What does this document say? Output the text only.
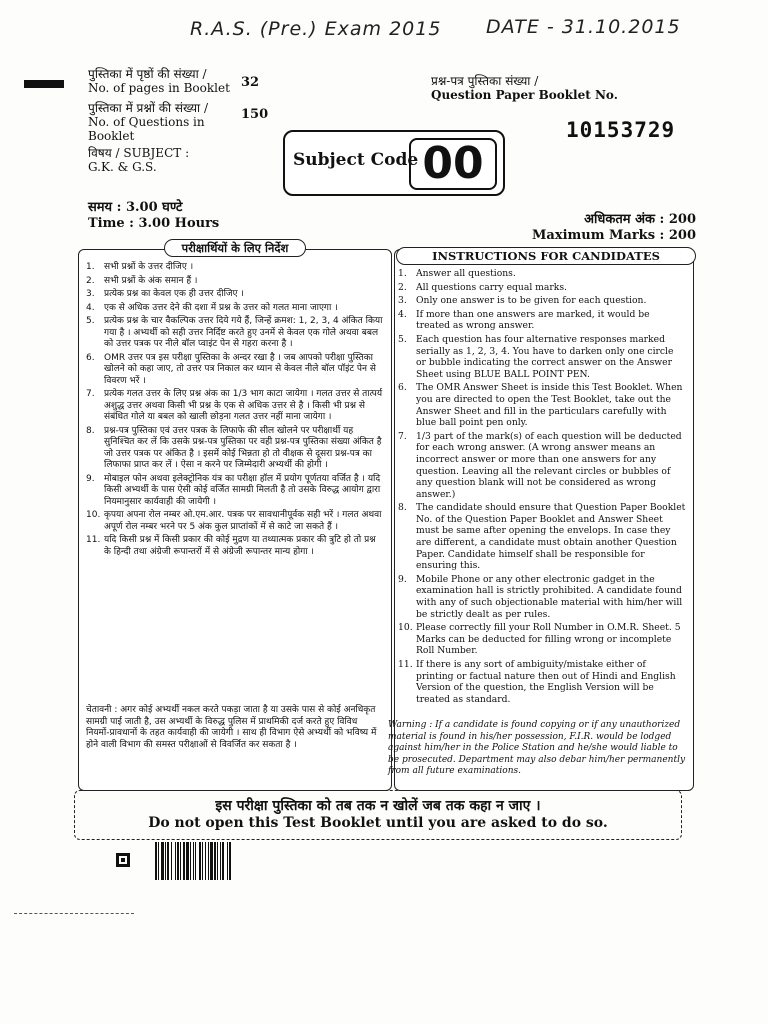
R.A.S. (Pre.) Exam 2015 DATE - 31.10.2015
पुस्तिका में पृष्ठों की संख्या /
No. of pages in Booklet 32
पुस्तिका में प्रश्नों की संख्या /
No. of Questions in Booklet
150
विषय / SUBJECT :
G.K. & G.S.
प्रश्न-पत्र पुस्तिका संख्या /
Question Paper Booklet No.
10153729
Subject Code 00
समय : 3.00 घण्टे
Time : 3.00 Hours	अधिकतम अंक : 200
Maximum Marks : 200
परीक्षार्थियों के लिए निर्देश
1. सभी प्रश्नों के उत्तर दीजिए ।
2. सभी प्रश्नों के अंक समान हैं ।
3. प्रत्येक प्रश्न का केवल एक ही उत्तर दीजिए ।
4. एक से अधिक उत्तर देने की दशा में प्रश्न के उत्तर को गलत माना जाएगा ।
5. प्रत्येक प्रश्न के चार वैकल्पिक उत्तर दिये गये हैं, जिन्हें क्रमश: 1, 2, 3, 4 अंकित किया गया है । अभ्यर्थी को सही उत्तर निर्दिष्ट करते हुए उनमें से केवल एक गोले अथवा बबल को उत्तर पत्रक पर नीले बॉल प्वाइंट पेन से गहरा करना है ।
6. OMR उत्तर पत्र इस परीक्षा पुस्तिका के अन्दर रखा है । जब आपको परीक्षा पुस्तिका खोलने को कहा जाए, तो उत्तर पत्र निकाल कर ध्यान से केवल नीले बॉल पॉइंट पेन से विवरण भरें ।
7. प्रत्येक गलत उत्तर के लिए प्रश्न अंक का 1/3 भाग काटा जायेगा । गलत उत्तर से तात्पर्य अशुद्ध उत्तर अथवा किसी भी प्रश्न के एक से अधिक उत्तर से है । किसी भी प्रश्न से संबंधित गोले या बबल को खाली छोड़ना गलत उत्तर नहीं माना जायेगा ।
8. प्रश्न-पत्र पुस्तिका एवं उत्तर पत्रक के लिफाफे की सील खोलने पर परीक्षार्थी यह सुनिश्चित कर लें कि उसके प्रश्न-पत्र पुस्तिका पर वही प्रश्न-पत्र पुस्तिका संख्या अंकित है जो उत्तर पत्रक पर अंकित है । इसमें कोई भिन्नता हो तो वीक्षक से दूसरा प्रश्न-पत्र का लिफाफा प्राप्त कर लें । ऐसा न करने पर जिम्मेदारी अभ्यर्थी की होगी ।
9. मोबाइल फोन अथवा इलेक्ट्रोनिक यंत्र का परीक्षा हॉल में प्रयोग पूर्णतया वर्जित है । यदि किसी अभ्यर्थी के पास ऐसी कोई वर्जित सामग्री मिलती है तो उसके विरुद्ध आयोग द्वारा नियमानुसार कार्यवाही की जायेगी ।
10. कृपया अपना रोल नम्बर ओ.एम.आर. पत्रक पर सावधानीपूर्वक सही भरें । गलत अथवा अपूर्ण रोल नम्बर भरने पर 5 अंक कुल प्राप्तांकों में से काटे जा सकते हैं ।
11. यदि किसी प्रश्न में किसी प्रकार की कोई मुद्रण या तथ्यात्मक प्रकार की त्रुटि हो तो प्रश्न के हिन्दी तथा अंग्रेजी रूपान्तरों में से अंग्रेजी रूपान्तर मान्य होगा ।
चेतावनी : अगर कोई अभ्यर्थी नकल करते पकड़ा जाता है या उसके पास से कोई अनधिकृत सामग्री पाई जाती है, उस अभ्यर्थी के विरुद्ध पुलिस में प्राथमिकी दर्ज करते हुए विविध नियमों-प्रावधानों के तहत कार्यवाही की जायेगी । साथ ही विभाग ऐसे अभ्यर्थी को भविष्य में होने वाली विभाग की समस्त परीक्षाओं से विवर्जित कर सकता है ।
INSTRUCTIONS FOR CANDIDATES
1. Answer all questions.
2. All questions carry equal marks.
3. Only one answer is to be given for each question.
4. If more than one answers are marked, it would be treated as wrong answer.
5. Each question has four alternative responses marked serially as 1, 2, 3, 4. You have to darken only one circle or bubble indicating the correct answer on the Answer Sheet using BLUE BALL POINT PEN.
6. The OMR Answer Sheet is inside this Test Booklet. When you are directed to open the Test Booklet, take out the Answer Sheet and fill in the particulars carefully with blue ball point pen only.
7. 1/3 part of the mark(s) of each question will be deducted for each wrong answer. (A wrong answer means an incorrect answer or more than one answers for any question. Leaving all the relevant circles or bubbles of any question blank will not be considered as wrong answer.)
8. The candidate should ensure that Question Paper Booklet No. of the Question Paper Booklet and Answer Sheet must be same after opening the envelops. In case they are different, a candidate must obtain another Question Paper. Candidate himself shall be responsible for ensuring this.
9. Mobile Phone or any other electronic gadget in the examination hall is strictly prohibited. A candidate found with any of such objectionable material with him/her will be strictly dealt as per rules.
10. Please correctly fill your Roll Number in O.M.R. Sheet. 5 Marks can be deducted for filling wrong or incomplete Roll Number.
11. If there is any sort of ambiguity/mistake either of printing or factual nature then out of Hindi and English Version of the question, the English Version will be treated as standard.
Warning : If a candidate is found copying or if any unauthorized material is found in his/her possession, F.I.R. would be lodged against him/her in the Police Station and he/she would liable to be prosecuted. Department may also debar him/her permanently from all future examinations.
इस परीक्षा पुस्तिका को तब तक न खोलें जब तक कहा न जाए ।
Do not open this Test Booklet until you are asked to do so.
